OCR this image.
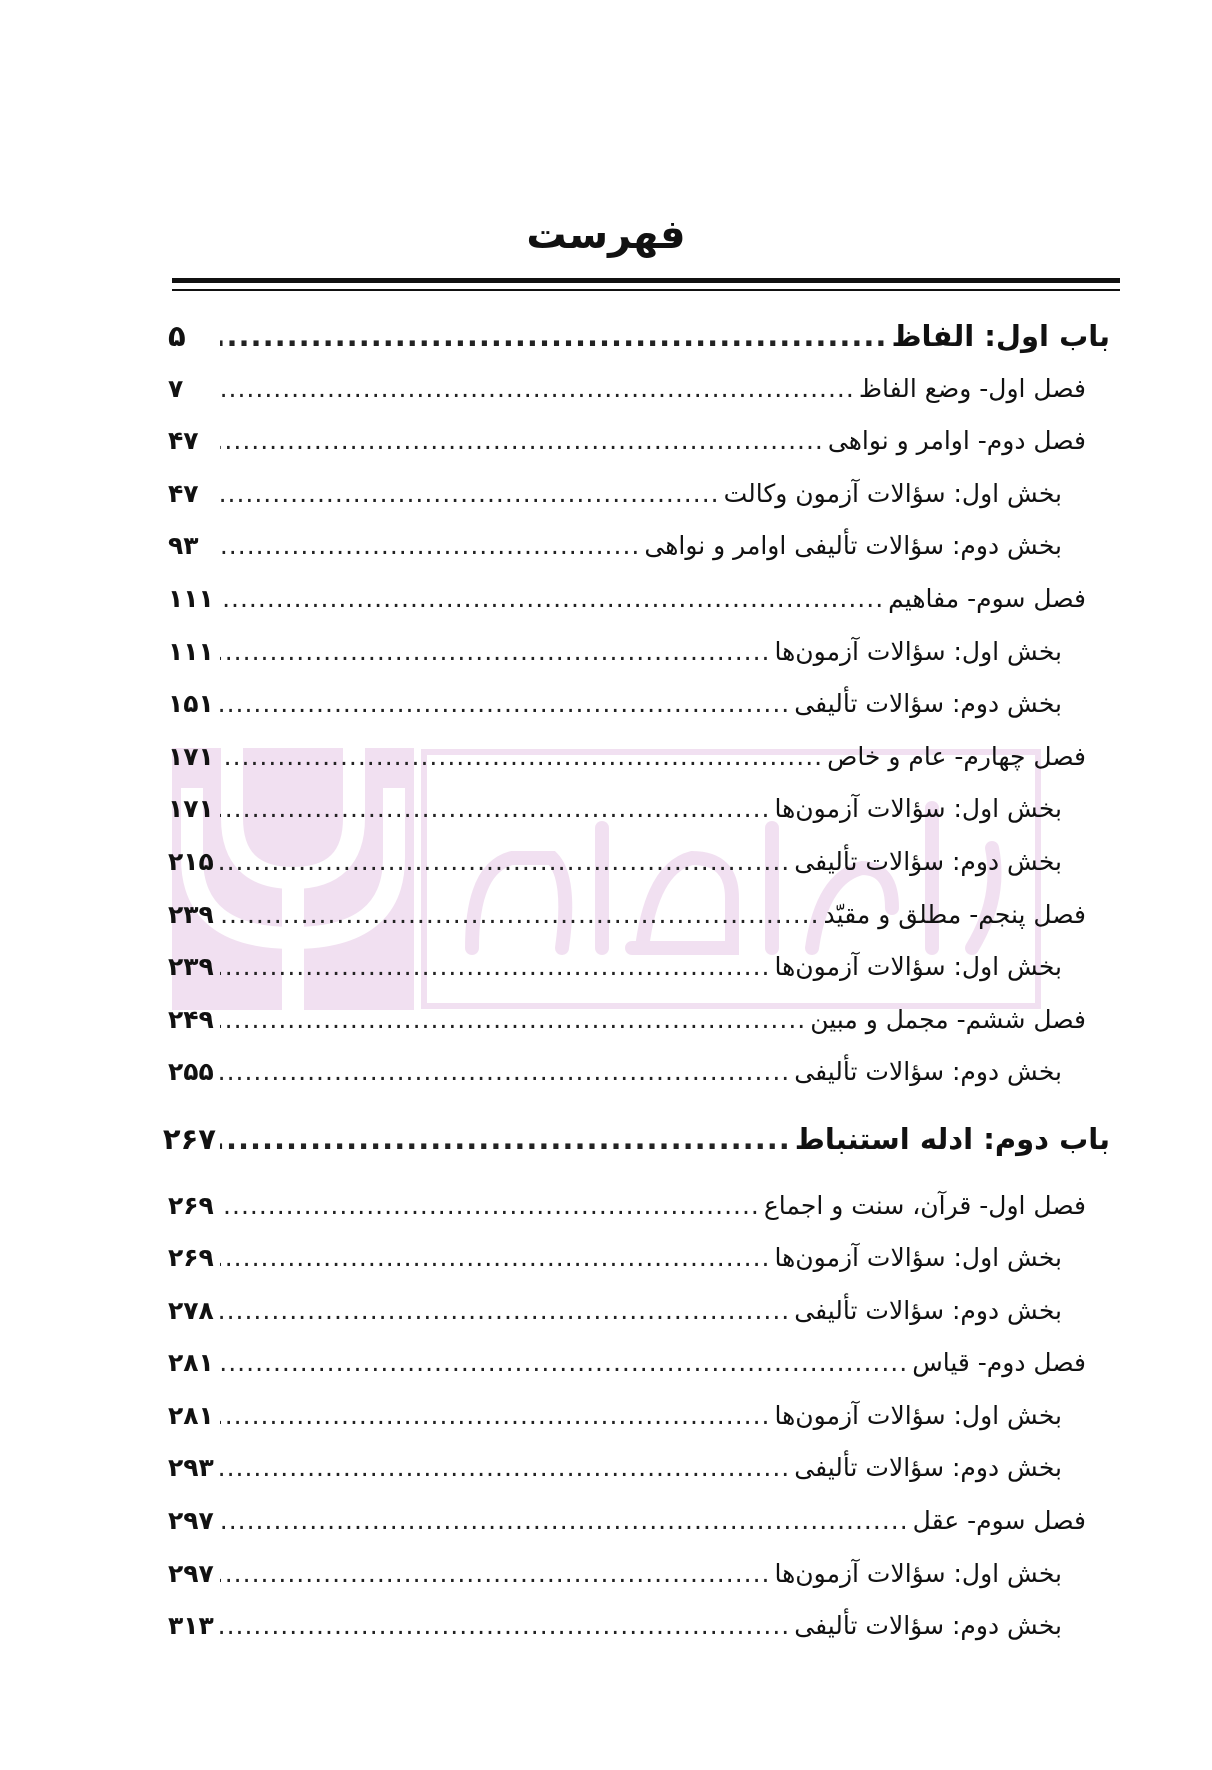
فهرست
باب اول: الفاظ
.....
۵
فصل اول- وضع الفاظ
.....
۷
فصل دوم- اوامر و نواهی
.....
۴۷
بخش اول: سؤالات آزمون وکالت
.....
۴۷
بخش دوم: سؤالات تألیفی اوامر و نواهی
.....
۹۳
فصل سوم- مفاهیم
.....
۱۱۱
بخش اول: سؤالات آزمون‌ها
.....
۱۱۱
بخش دوم: سؤالات تألیفی
.....
۱۵۱
فصل چهارم- عام و خاص
.....
۱۷۱
بخش اول: سؤالات آزمون‌ها
.....
۱۷۱
بخش دوم: سؤالات تألیفی
.....
۲۱۵
فصل پنجم- مطلق و مقیّد
.....
۲۳۹
بخش اول: سؤالات آزمون‌ها
.....
۲۳۹
فصل ششم- مجمل و مبین
.....
۲۴۹
بخش دوم: سؤالات تألیفی
.....
۲۵۵
باب دوم: ادله استنباط
.....
۲۶۷
فصل اول- قرآن، سنت و اجماع
.....
۲۶۹
بخش اول: سؤالات آزمون‌ها
.....
۲۶۹
بخش دوم: سؤالات تألیفی
.....
۲۷۸
فصل دوم- قیاس
.....
۲۸۱
بخش اول: سؤالات آزمون‌ها
.....
۲۸۱
بخش دوم: سؤالات تألیفی
.....
۲۹۳
فصل سوم- عقل
.....
۲۹۷
بخش اول: سؤالات آزمون‌ها
.....
۲۹۷
بخش دوم: سؤالات تألیفی
.....
۳۱۳
